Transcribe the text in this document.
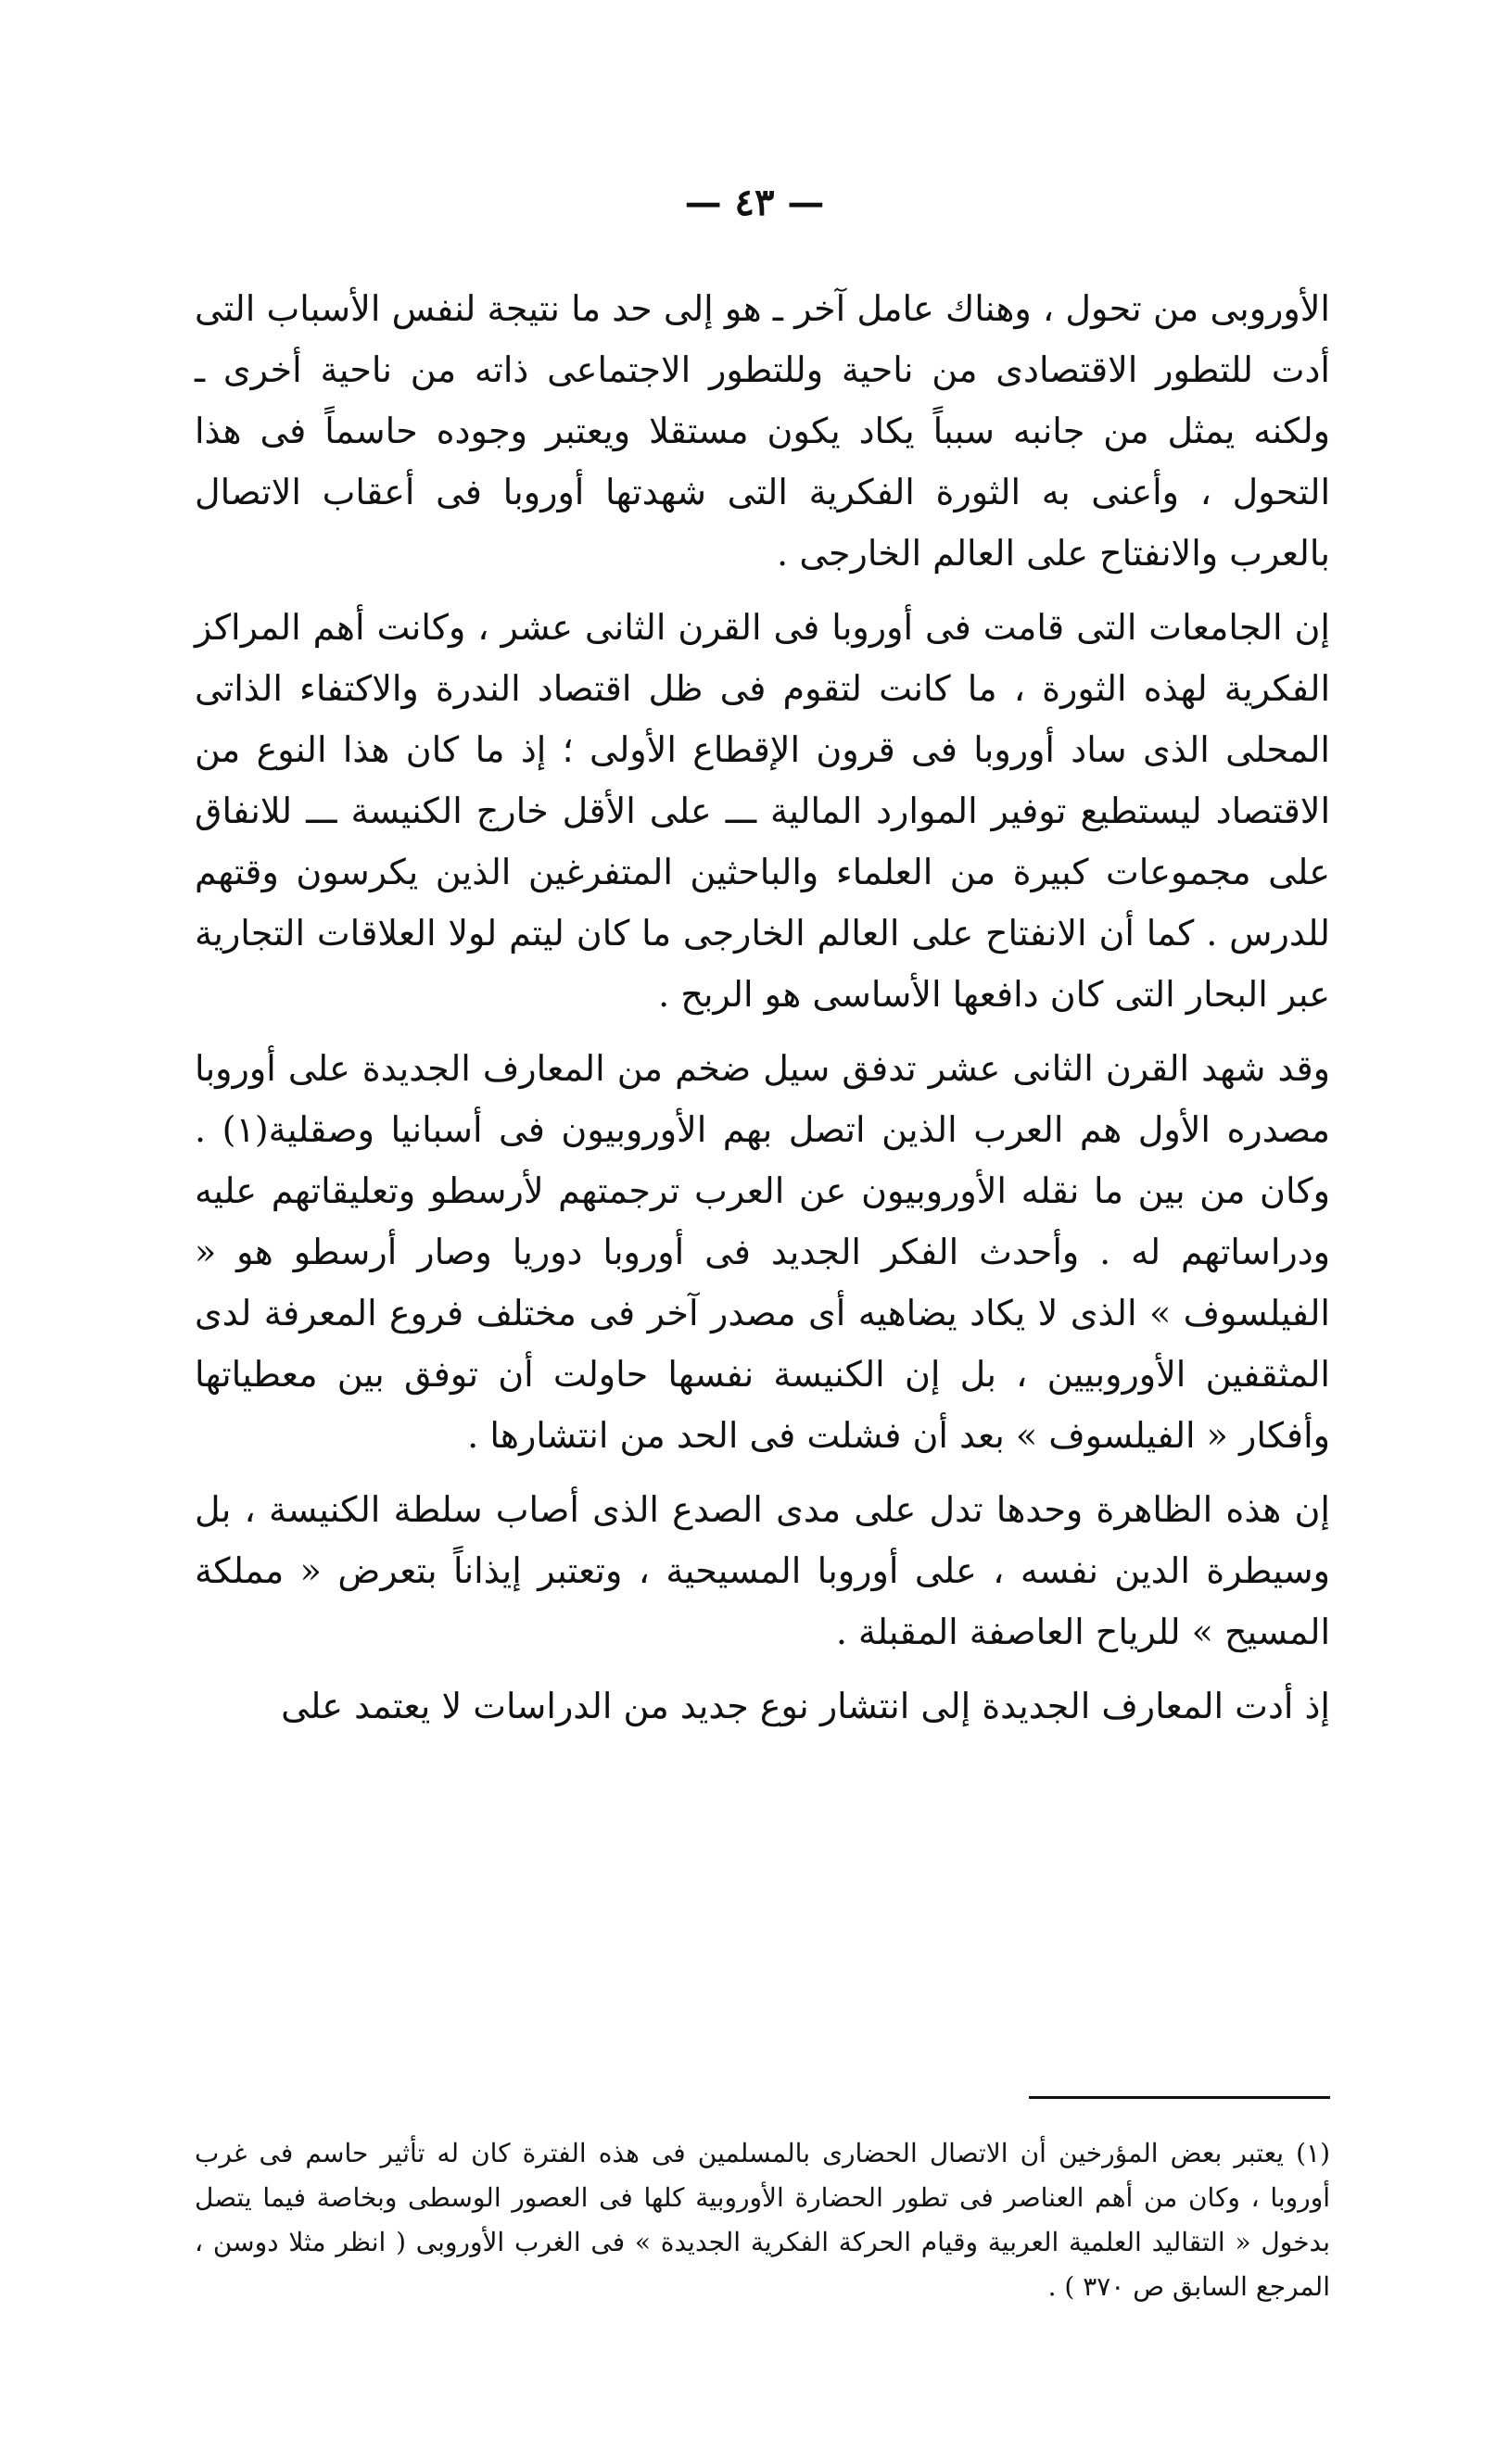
— ٤٣ —

الأوروبى من تحول ، وهناك عامل آخر ـ هو إلى حد ما نتيجة لنفس الأسباب التى أدت للتطور الاقتصادى من ناحية وللتطور الاجتماعى ذاته من ناحية أخرى ـ ولكنه يمثل من جانبه سبباً يكاد يكون مستقلا ويعتبر وجوده حاسماً فى هذا التحول ، وأعنى به الثورة الفكرية التى شهدتها أوروبا فى أعقاب الاتصال بالعرب والانفتاح على العالم الخارجى .

إن الجامعات التى قامت فى أوروبا فى القرن الثانى عشر ، وكانت أهم المراكز الفكرية لهذه الثورة ، ما كانت لتقوم فى ظل اقتصاد الندرة والاكتفاء الذاتى المحلى الذى ساد أوروبا فى قرون الإقطاع الأولى ؛ إذ ما كان هذا النوع من الاقتصاد ليستطيع توفير الموارد المالية ـــ على الأقل خارج الكنيسة ـــ للانفاق على مجموعات كبيرة من العلماء والباحثين المتفرغين الذين يكرسون وقتهم للدرس . كما أن الانفتاح على العالم الخارجى ما كان ليتم لولا العلاقات التجارية عبر البحار التى كان دافعها الأساسى هو الربح .

وقد شهد القرن الثانى عشر تدفق سيل ضخم من المعارف الجديدة على أوروبا مصدره الأول هم العرب الذين اتصل بهم الأوروبيون فى أسبانيا وصقلية(١) . وكان من بين ما نقله الأوروبيون عن العرب ترجمتهم لأرسطو وتعليقاتهم عليه ودراساتهم له . وأحدث الفكر الجديد فى أوروبا دوريا وصار أرسطو هو « الفيلسوف » الذى لا يكاد يضاهيه أى مصدر آخر فى مختلف فروع المعرفة لدى المثقفين الأوروبيين ، بل إن الكنيسة نفسها حاولت أن توفق بين معطياتها وأفكار « الفيلسوف » بعد أن فشلت فى الحد من انتشارها .

إن هذه الظاهرة وحدها تدل على مدى الصدع الذى أصاب سلطة الكنيسة ، بل وسيطرة الدين نفسه ، على أوروبا المسيحية ، وتعتبر إيذاناً بتعرض « مملكة المسيح » للرياح العاصفة المقبلة .

إذ أدت المعارف الجديدة إلى انتشار نوع جديد من الدراسات لا يعتمد على

(١) يعتبر بعض المؤرخين أن الاتصال الحضارى بالمسلمين فى هذه الفترة كان له تأثير حاسم فى غرب أوروبا ، وكان من أهم العناصر فى تطور الحضارة الأوروبية كلها فى العصور الوسطى وبخاصة فيما يتصل بدخول « التقاليد العلمية العربية وقيام الحركة الفكرية الجديدة » فى الغرب الأوروبى ( انظر مثلا دوسن ، المرجع السابق ص ٣٧٠ ) .
